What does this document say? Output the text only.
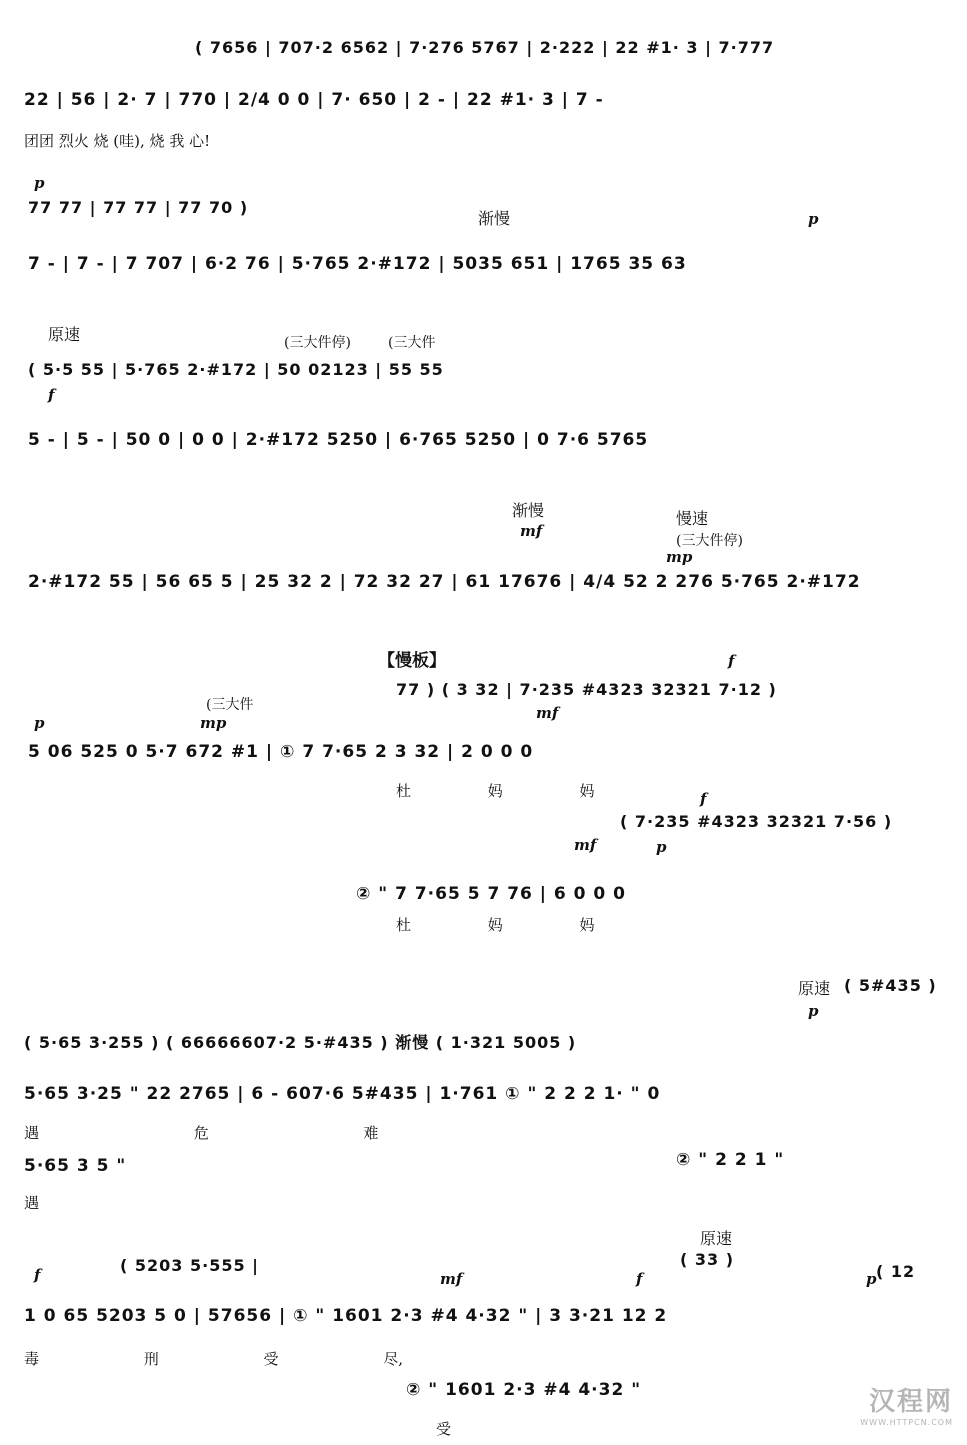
( 7656 | 707·2 6562 | 7·276 5767 | 2·222 | 22 #1· 3 | 7·777
22 | 56 | 2· 7 | 770 | 2/4 0 0 | 7· 650 | 2 - | 22 #1· 3 | 7 -
团团 烈火 烧 (哇), 烧 我 心!
p
渐慢	p
77 77 | 77 77 | 77 70 )
7 - | 7 - | 7 707 | 6·2 76 | 5·765 2·#172 | 5035 651 | 1765 35 63
原速	(三大件停)	(三大件
( 5·5 55 | 5·765 2·#172 | 50 02123 | 55 55
f
5 - | 5 - | 50 0 | 0 0 | 2·#172 5250 | 6·765 5250 | 0 7·6 5765
渐慢
mf
慢速
(三大件停)
mp
2·#172 55 | 56 65 5 | 25 32 2 | 72 32 27 | 61 17676 | 4/4 52 2 276 5·765 2·#172
【慢板】
77 ) ( 3 32 | 7·235 #4323 32321 7·12 )
(三大件
p	mp
mf
f
5 06 525 0 5·7 672 #1 | ① 7 7·65 2 3 32 | 2 0 0 0
杜 妈 妈	f
( 7·235 #4323 32321 7·56 )
mf	p
② " 7 7·65 5 7 76 | 6 0 0 0
杜 妈 妈
原速 ( 5#435 )
p
( 5·65 3·255 ) ( 66666607·2 5·#435 ) 渐慢 ( 1·321 5005 )
5·65 3·25 " 22 2765 | 6 - 607·6 5#435 | 1·761 ① " 2 2 2 1· " 0
遇 危 难
5·65 3 5 "
遇
② " 2 2 1 "
原速
( 33 )
( 12
f	( 5203 5·555 |
mf	f	p
1 0 65 5203 5 0 | 57656 | ① " 1601 2·3 #4 4·32 " | 3 3·21 12 2
毒 刑 受 尽,
② " 1601 2·3 #4 4·32 "
受
汉程网
WWW.HTTPCN.COM
